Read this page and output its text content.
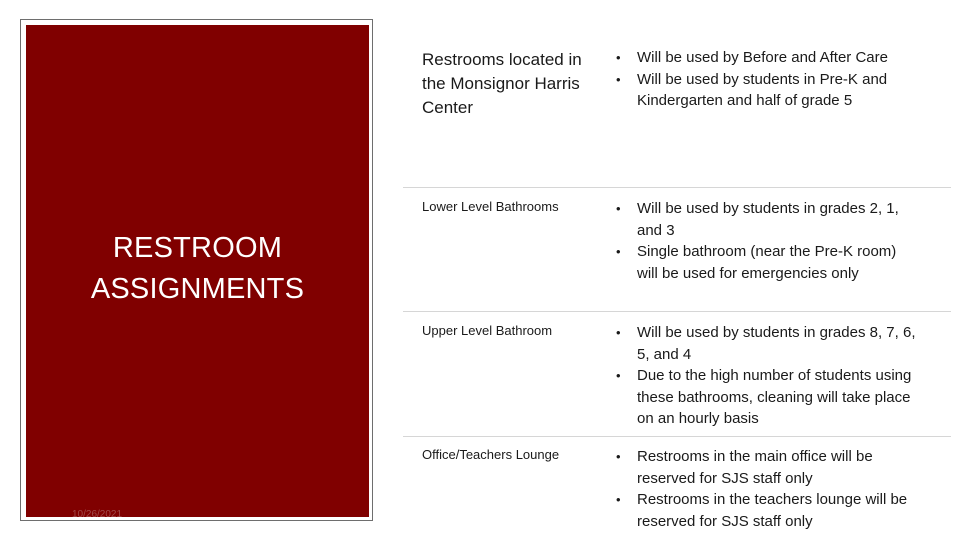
RESTROOM
ASSIGNMENTS
10/26/2021
Restrooms located in the Monsignor Harris Center
• Will be used by Before and After Care
• Will be used by students in Pre-K and Kindergarten and half of grade 5
Lower Level Bathrooms	• Will be used by students in grades 2, 1, and 3
• Single bathroom (near the Pre-K room) will be used for emergencies only
Upper Level Bathroom	• Will be used by students in grades 8, 7, 6, 5, and 4
• Due to the high number of students using these bathrooms, cleaning will take place on an hourly basis
Office/Teachers Lounge	• Restrooms in the main office will be reserved for SJS staff only
• Restrooms in the teachers lounge will be reserved for SJS staff only
